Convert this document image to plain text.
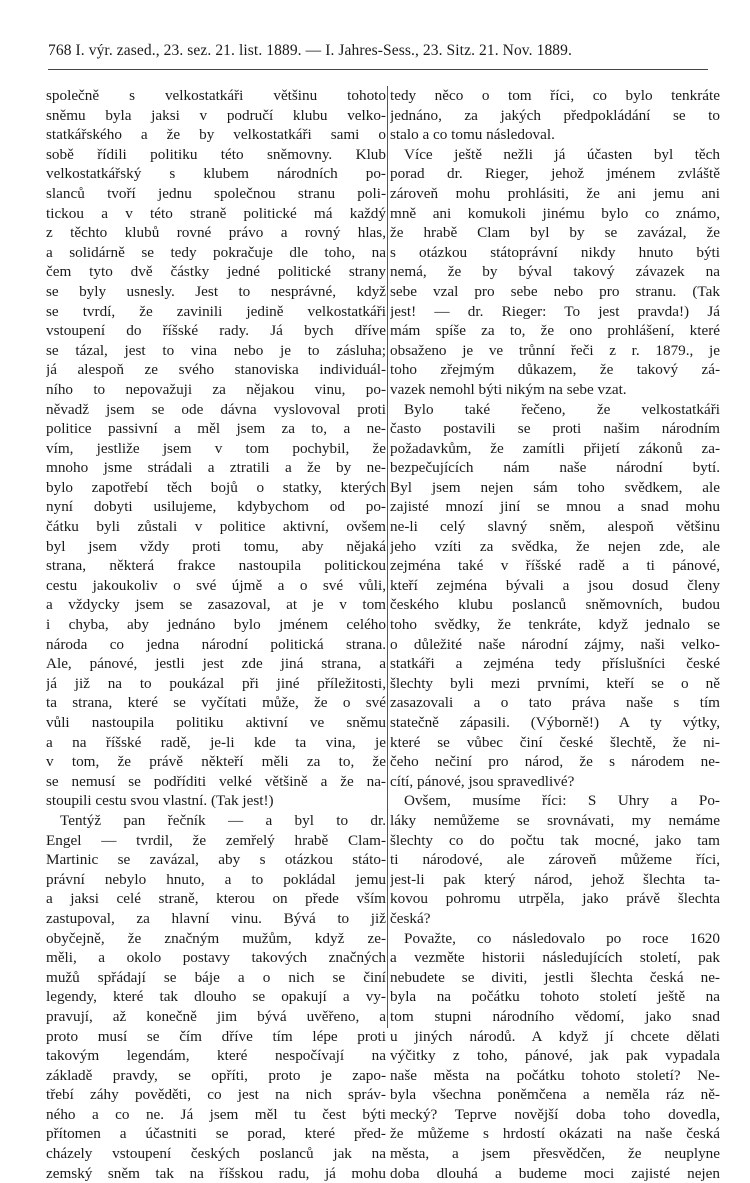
768 I. výr. zased., 23. sez. 21. list. 1889. — I. Jahres-Sess., 23. Sitz. 21. Nov. 1889.
společně s velkostatkáři většinu tohoto
sněmu byla jaksi v područí klubu velko-
statkářského a že by velkostatkáři sami o
sobě řídili politiku této sněmovny. Klub
velkostatkářský s klubem národních po-
slanců tvoří jednu společnou stranu poli-
tickou a v této straně politické má každý
z těchto klubů rovné právo a rovný hlas,
a solidárně se tedy pokračuje dle toho, na
čem tyto dvě částky jedné politické strany
se byly usnesly. Jest to nesprávné, když
se tvrdí, že zavinili jedině velkostatkáři
vstoupení do říšské rady. Já bych dříve
se tázal, jest to vina nebo je to zásluha;
já alespoň ze svého stanoviska individuál-
ního to nepovažuji za nějakou vinu, po-
něvadž jsem se ode dávna vyslovoval proti
politice passivní a měl jsem za to, a ne-
vím, jestliže jsem v tom pochybil, že
mnoho jsme strádali a ztratili a že by ne-
bylo zapotřebí těch bojů o statky, kterých
nyní dobyti usilujeme, kdybychom od po-
čátku byli zůstali v politice aktivní, ovšem
byl jsem vždy proti tomu, aby nějaká
strana, některá frakce nastoupila politickou
cestu jakoukoliv o své újmě a o své vůli,
a vždycky jsem se zasazoval, at je v tom
i chyba, aby jednáno bylo jménem celého
národa co jedna národní politická strana.
Ale, pánové, jestli jest zde jiná strana, a
já již na to poukázal při jiné příležitosti,
ta strana, které se vyčítati může, že o své
vůli nastoupila politiku aktivní ve sněmu
a na říšské radě, je-li kde ta vina, je
v tom, že právě někteří měli za to, že
se nemusí se podříditi velké většině a že na-
stoupili cestu svou vlastní. (Tak jest!)
Tentýž pan řečník — a byl to dr.
Engel — tvrdil, že zemřelý hrabě Clam-
Martinic se zavázal, aby s otázkou státo-
právní nebylo hnuto, a to pokládal jemu
a jaksi celé straně, kterou on přede vším
zastupoval, za hlavní vinu. Bývá to již
obyčejně, že značným mužům, když ze-
měli, a okolo postavy takových značných
mužů spřádají se báje a o nich se činí
legendy, které tak dlouho se opakují a vy-
pravují, až konečně jim bývá uvěřeno, a
proto musí se čím dříve tím lépe proti
takovým legendám, které nespočívají na
základě pravdy, se opříti, proto je zapo-
třebí záhy pověděti, co jest na nich správ-
ného a co ne. Já jsem měl tu čest býti
přítomen a účastniti se porad, které před-
cházely vstoupení českých poslanců jak na
zemský sněm tak na říšskou radu, já mohu
tedy něco o tom říci, co bylo tenkráte
jednáno, za jakých předpokládání se to
stalo a co tomu následoval.
Více ještě nežli já účasten byl těch
porad dr. Rieger, jehož jménem zvláště
zároveň mohu prohlásiti, že ani jemu ani
mně ani komukoli jinému bylo co známo,
že hrabě Clam byl by se zavázal, že
s otázkou státoprávní nikdy hnuto býti
nemá, že by býval takový závazek na
sebe vzal pro sebe nebo pro stranu. (Tak
jest! — dr. Rieger: To jest pravda!) Já
mám spíše za to, že ono prohlášení, které
obsaženo je ve trůnní řeči z r. 1879., je
toho zřejmým důkazem, že takový zá-
vazek nemohl býti nikým na sebe vzat.
Bylo také řečeno, že velkostatkáři
často postavili se proti našim národním
požadavkům, že zamítli přijetí zákonů za-
bezpečujících nám naše národní bytí.
Byl jsem nejen sám toho svědkem, ale
zajisté mnozí jiní se mnou a snad mohu
ne-li celý slavný sněm, alespoň většinu
jeho vzíti za svědka, že nejen zde, ale
zejména také v říšské radě a ti pánové,
kteří zejména bývali a jsou dosud členy
českého klubu poslanců sněmovních, budou
toho svědky, že tenkráte, když jednalo se
o důležité naše národní zájmy, naši velko-
statkáři a zejména tedy příslušníci české
šlechty byli mezi prvními, kteří se o ně
zasazovali a o tato práva naše s tím
statečně zápasili. (Výborně!) A ty výtky,
které se vůbec činí české šlechtě, že ni-
čeho nečiní pro národ, že s národem ne-
cítí, pánové, jsou spravedlivé?
Ovšem, musíme říci: S Uhry a Po-
láky nemůžeme se srovnávati, my nemáme
šlechty co do počtu tak mocné, jako tam
ti národové, ale zároveň můžeme říci,
jest-li pak který národ, jehož šlechta ta-
kovou pohromu utrpěla, jako právě šlechta
česká?
Považte, co následovalo po roce 1620
a vezměte historii následujících století, pak
nebudete se diviti, jestli šlechta česká ne-
byla na počátku tohoto století ještě na
tom stupni národního vědomí, jako snad
u jiných národů. A když jí chcete dělati
výčitky z toho, pánové, jak pak vypadala
naše města na počátku tohoto století? Ne-
byla všechna poněmčena a neměla ráz ně-
mecký? Teprve novější doba toho dovedla,
že můžeme s hrdostí okázati na naše česká
města, a jsem přesvědčen, že neuplyne
doba dlouhá a budeme moci zajisté nejen
